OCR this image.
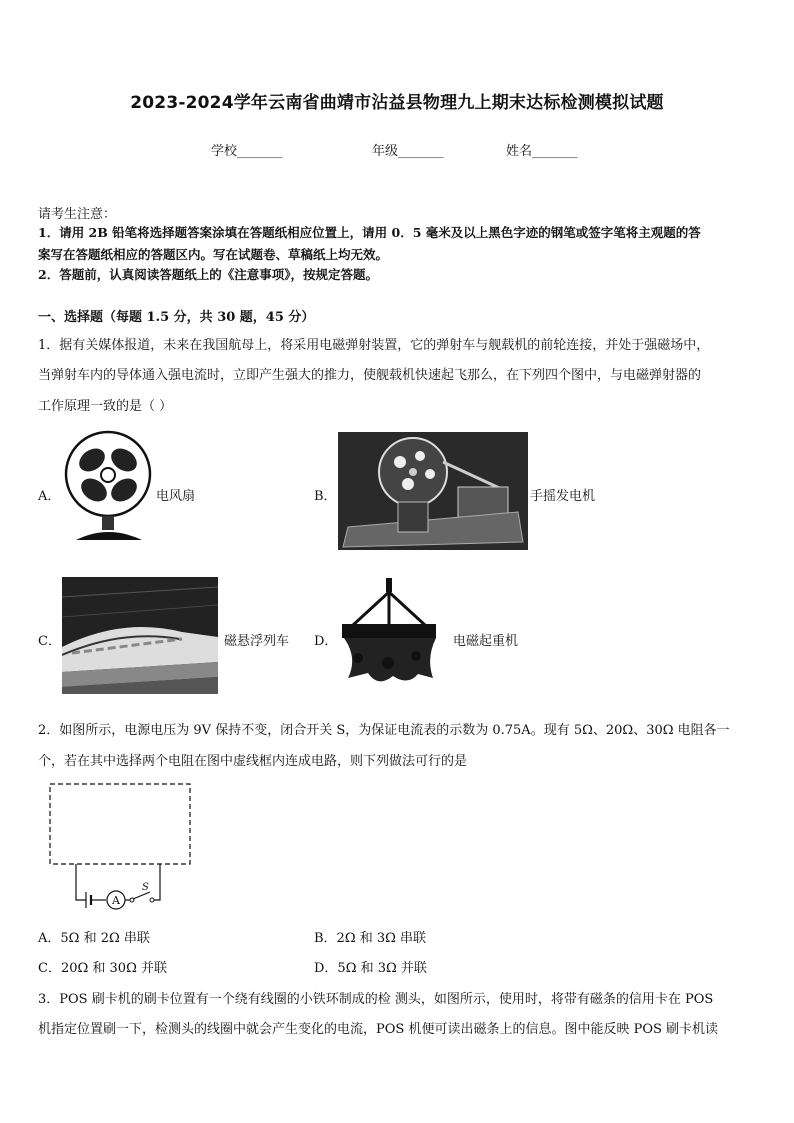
2023-2024学年云南省曲靖市沾益县物理九上期末达标检测模拟试题
学校_______	年级_______	姓名_______
请考生注意：
1．请用 2B 铅笔将选择题答案涂填在答题纸相应位置上，请用 0．5 毫米及以上黑色字迹的钢笔或签字笔将主观题的答
案写在答题纸相应的答题区内。写在试题卷、草稿纸上均无效。
2．答题前，认真阅读答题纸上的《注意事项》，按规定答题。
一、选择题（每题 1.5 分，共 30 题，45 分）
1．据有关媒体报道，未来在我国航母上，将采用电磁弹射装置，它的弹射车与舰载机的前轮连接，并处于强磁场中，
当弹射车内的导体通入强电流时，立即产生强大的推力，使舰载机快速起飞那么，在下列四个图中，与电磁弹射器的
工作原理一致的是（ ）
A．	电风扇	B．	手摇发电机
C．	磁悬浮列车 D．	电磁起重机
2．如图所示，电源电压为 9V 保持不变，闭合开关 S，为保证电流表的示数为 0.75A。现有 5Ω、20Ω、30Ω 电阻各一
个，若在其中选择两个电阻在图中虚线框内连成电路，则下列做法可行的是
A
S
A．5Ω 和 2Ω 串联	B．2Ω 和 3Ω 串联
C．20Ω 和 30Ω 并联	D．5Ω 和 3Ω 并联
3．POS 刷卡机的刷卡位置有一个绕有线圈的小铁环制成的检 测头，如图所示，使用时，将带有磁条的信用卡在 POS
机指定位置刷一下，检测头的线圈中就会产生变化的电流，POS 机便可读出磁条上的信息。图中能反映 POS 刷卡机读
